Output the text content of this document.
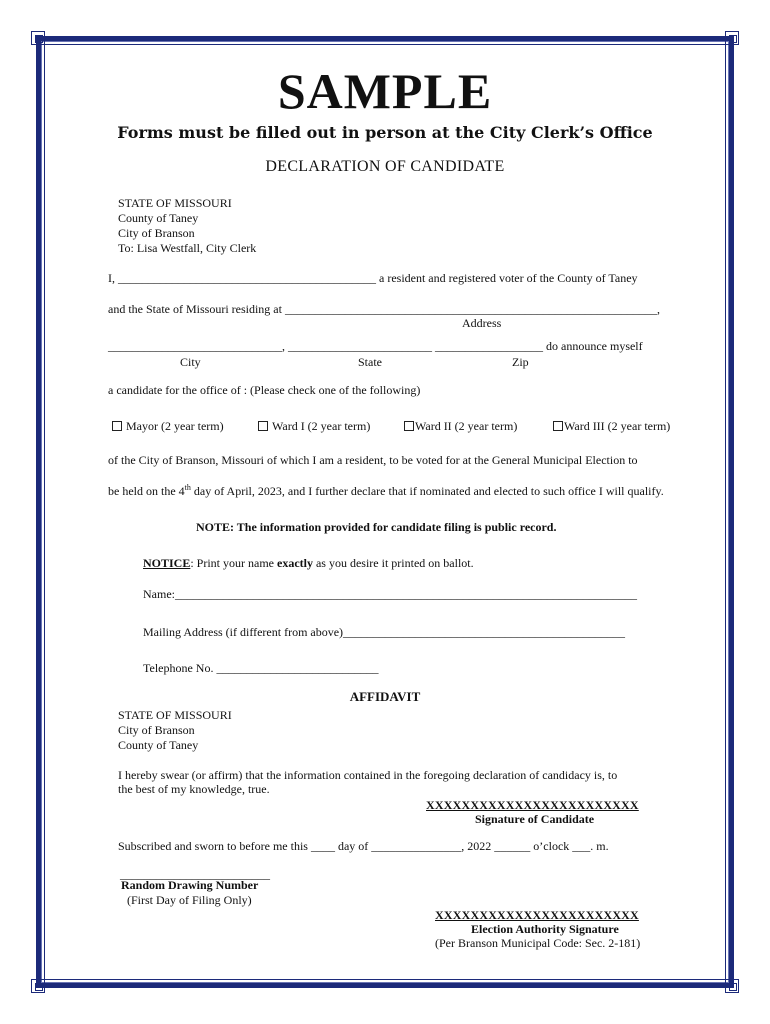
SAMPLE
Forms must be filled out in person at the City Clerk’s Office
DECLARATION OF CANDIDATE
STATE OF MISSOURI
County of Taney
City of Branson
To: Lisa Westfall, City Clerk
I, ___________________________________________ a resident and registered voter of the County of Taney
and the State of Missouri residing at ______________________________________________________________,
Address
_____________________________, ________________________ __________________ do announce myself
City	State	Zip
a candidate for the office of : (Please check one of the following)
Mayor (2 year term)	Ward I (2 year term)	Ward II (2 year term)	Ward III (2 year term)
of the City of Branson, Missouri of which I am a resident, to be voted for at the General Municipal Election to
be held on the 4th day of April, 2023, and I further declare that if nominated and elected to such office I will qualify.
NOTE: The information provided for candidate filing is public record.
NOTICE: Print your name exactly as you desire it printed on ballot.
Name:_____________________________________________________________________________
Mailing Address (if different from above)_______________________________________________
Telephone No. ___________________________
AFFIDAVIT
STATE OF MISSOURI
City of Branson
County of Taney
I hereby swear (or affirm) that the information contained in the foregoing declaration of candidacy is, to
the best of my knowledge, true.
XXXXXXXXXXXXXXXXXXXXXXXX
Signature of Candidate
Subscribed and sworn to before me this ____ day of _______________, 2022 ______ o’clock ___. m.
_________________________
Random Drawing Number
(First Day of Filing Only)
XXXXXXXXXXXXXXXXXXXXXXX
Election Authority Signature
(Per Branson Municipal Code: Sec. 2-181)
